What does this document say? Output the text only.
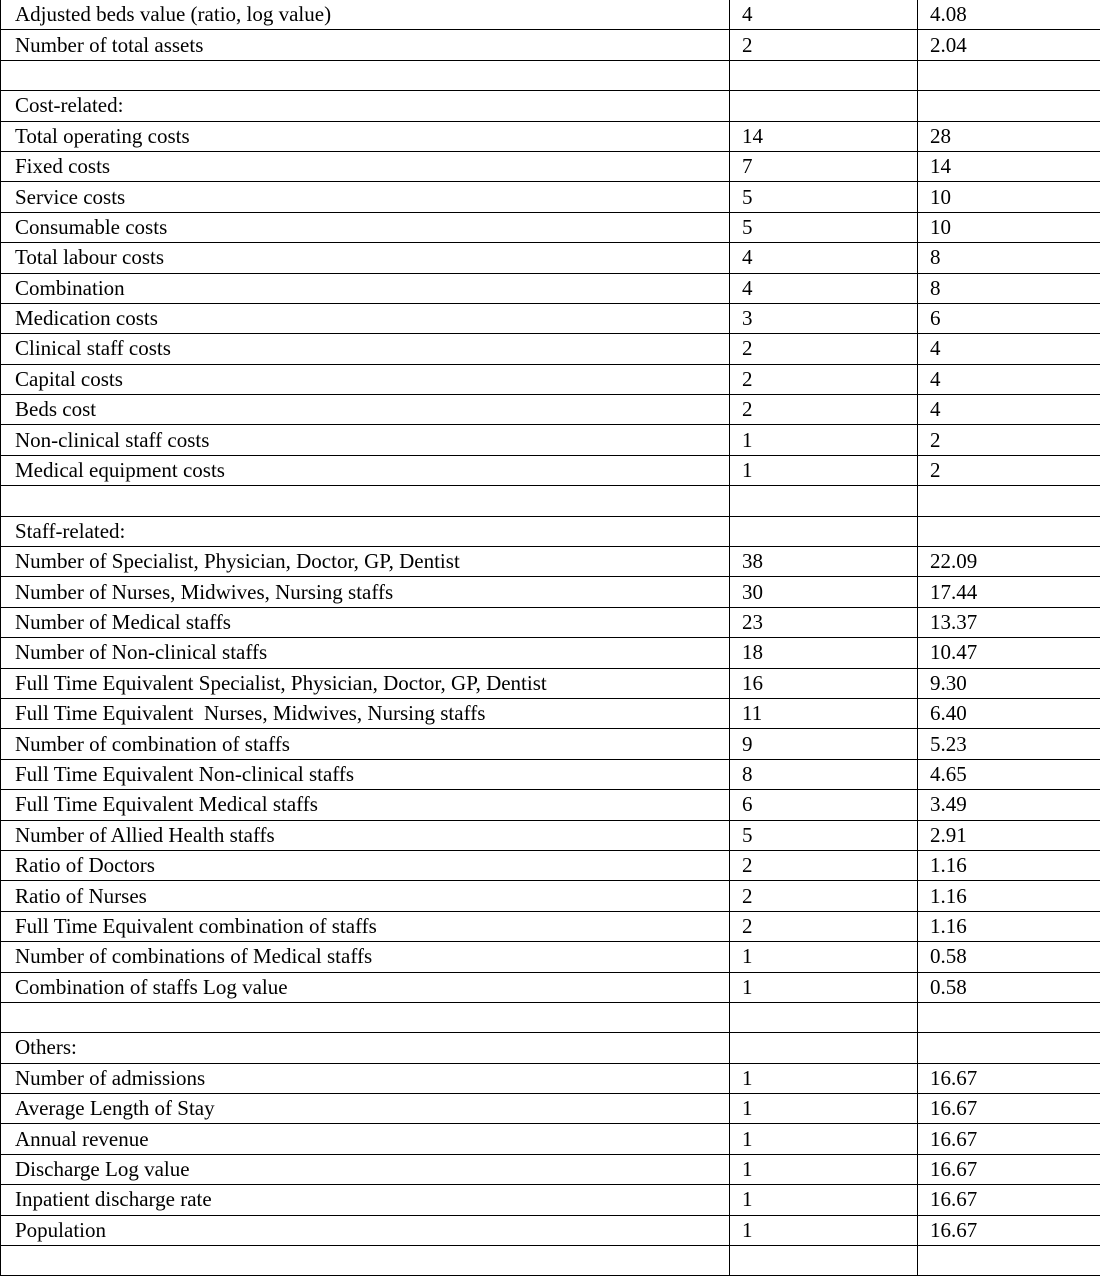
Adjusted beds value (ratio, log value)	4	4.08
Number of total assets	2	2.04

Cost-related:		
Total operating costs	14	28
Fixed costs	7	14
Service costs	5	10
Consumable costs	5	10
Total labour costs	4	8
Combination	4	8
Medication costs	3	6
Clinical staff costs	2	4
Capital costs	2	4
Beds cost	2	4
Non-clinical staff costs	1	2
Medical equipment costs	1	2

Staff-related:		
Number of Specialist, Physician, Doctor, GP, Dentist	38	22.09
Number of Nurses, Midwives, Nursing staffs	30	17.44
Number of Medical staffs	23	13.37
Number of Non-clinical staffs	18	10.47
Full Time Equivalent Specialist, Physician, Doctor, GP, Dentist	16	9.30
Full Time Equivalent  Nurses, Midwives, Nursing staffs	11	6.40
Number of combination of staffs	9	5.23
Full Time Equivalent Non-clinical staffs	8	4.65
Full Time Equivalent Medical staffs	6	3.49
Number of Allied Health staffs	5	2.91
Ratio of Doctors	2	1.16
Ratio of Nurses	2	1.16
Full Time Equivalent combination of staffs	2	1.16
Number of combinations of Medical staffs	1	0.58
Combination of staffs Log value	1	0.58

Others:		
Number of admissions	1	16.67
Average Length of Stay	1	16.67
Annual revenue	1	16.67
Discharge Log value	1	16.67
Inpatient discharge rate	1	16.67
Population	1	16.67
